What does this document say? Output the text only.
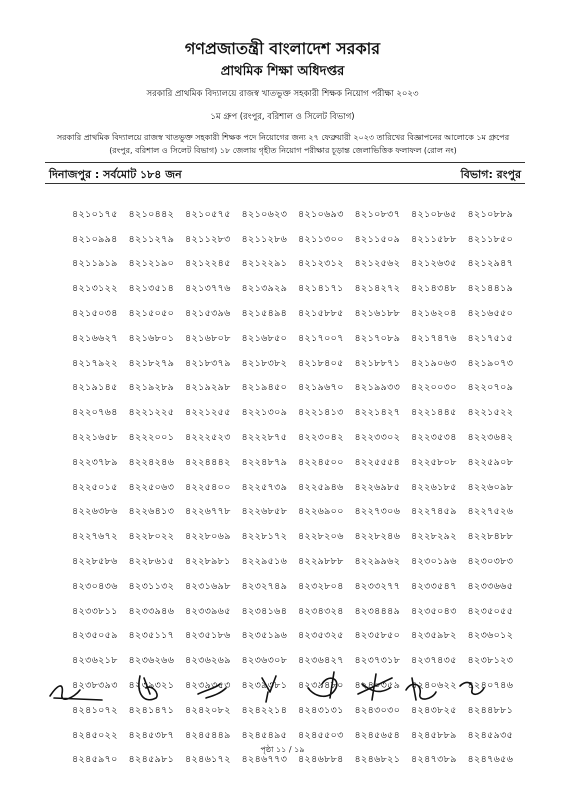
গণপ্রজাতন্ত্রী বাংলাদেশ সরকার
প্রাথমিক শিক্ষা অধিদপ্তর
সরকারি প্রাথমিক বিদ্যালয়ে রাজস্ব খাতভুক্ত সহকারী শিক্ষক নিয়োগ পরীক্ষা ২০২৩
১ম গ্রুপ (রংপুর, বরিশাল ও সিলেট বিভাগ)
সরকারি প্রাথমিক বিদ্যালয়ে রাজস্ব খাতভুক্ত সহকারী শিক্ষক পদে নিয়োগের জন্য ২৭ ফেব্রুয়ারী ২০২৩ তারিখের বিজ্ঞাপনের আলোকে ১ম গ্রুপের (রংপুর, বরিশাল ও সিলেট বিভাগ) ১৮ জেলায় গৃহীত নিয়োগ পরীক্ষার চূড়ান্ত জেলাভিত্তিক ফলাফল (রোল নং)
দিনাজপুর : সর্বমোট ১৮৪ জন	বিভাগ: রংপুর
৪২১০১৭৫	৪২১০৪৪২	৪২১০৫৭৫	৪২১০৬২৩	৪২১০৬৯৩	৪২১০৮৩৭	৪২১০৮৬৫	৪২১০৮৮৯
৪২১০৯৯৪	৪২১১২৭৯	৪২১১২৮৩	৪২১১২৮৬	৪২১১৩০০	৪২১১৫০৯	৪২১১৫৮৮	৪২১১৮৫০
৪২১১৯১৯	৪২১২১৯০	৪২১২২৪৫	৪২১২২৯১	৪২১২৩১২	৪২১২৫৬২	৪২১২৬৩৫	৪২১২৯৪৭
৪২১৩১২২	৪২১৩৫১৪	৪২১৩৭৭৬	৪২১৩৯২৯	৪২১৪১৭১	৪২১৪২৭২	৪২১৪৩৪৮	৪২১৪৪১৯
৪২১৫০৩৪	৪২১৫০৫০	৪২১৫৩৯৬	৪২১৫৪৯৪	৪২১৫৮৮৫	৪২১৬১৮৮	৪২১৬২০৪	৪২১৬৫৫০
৪২১৬৬২৭	৪২১৬৮০১	৪২১৬৮০৮	৪২১৬৮৫০	৪২১৭০০৭	৪২১৭০৮৯	৪২১৭৪৭৬	৪২১৭৫১৫
৪২১৭৯২২	৪২১৮২৭৯	৪২১৮৩৭৯	৪২১৮৩৮২	৪২১৮৪০৫	৪২১৮৮৭১	৪২১৯০৬৩	৪২১৯০৭৩
৪২১৯১৪৫	৪২১৯২৮৯	৪২১৯২৯৮	৪২১৯৪৫০	৪২১৯৬৭০	৪২১৯৯৩৩	৪২২০০৩০	৪২২০৭০৯
৪২২০৭৬৪	৪২২১২২৫	৪২২১২৫৫	৪২২১৩০৯	৪২২১৪১৩	৪২২১৪২৭	৪২২১৪৪৫	৪২২১৫২২
৪২২১৬৫৮	৪২২২০০১	৪২২২৫২৩	৪২২২৮৭৫	৪২২৩০৪২	৪২২৩৩০২	৪২২৩৫৩৪	৪২২৩৬৪২
৪২২৩৭৮৯	৪২২৪২৪৬	৪২২৪৪৪২	৪২২৪৮৭৯	৪২২৪৫০০	৪২২৫৫৫৪	৪২২৫৮০৮	৪২২৫৯০৮
৪২২৫০১৫	৪২২৫০৬৩	৪২২৫৪০০	৪২২৫৭৩৯	৪২২৫৯৪৬	৪২২৬৯৮৫	৪২২৬১৮৫	৪২২৬০৯৮
৪২২৬৩৮৬	৪২২৬৪১৩	৪২২৬৭৭৮	৪২২৬৮৫৮	৪২২৬৯০০	৪২২৭৩০৬	৪২২৭৪৫৯	৪২২৭৫২৬
৪২২৭৬৭২	৪২২৮০২২	৪২২৮০৬৯	৪২২৮১৭২	৪২২৮২০৬	৪২২৮২৪৬	৪২২৮২৯২	৪২২৮৪৮৮
৪২২৮৫৮৬	৪২২৮৬১৫	৪২২৮৯৮১	৪২২৯৫১৬	৪২২৯৮৮৮	৪২২৯৯৬২	৪২৩০১৯৬	৪২৩০৩৮৩
৪২৩০৪৩৬	৪২৩১১৩২	৪২৩১৬৯৮	৪২৩২৭৪৯	৪২৩২৮০৪	৪২৩৩২৭৭	৪২৩৩৫৪৭	৪২৩৩৬৬৫
৪২৩৩৮১১	৪২৩৩৯৪৬	৪২৩৩৯৬৫	৪২৩৪১৬৪	৪২৩৪৩২৪	৪২৩৪৪৪৯	৪২৩৫০৪৩	৪২৩৫০৫৫
৪২৩৫০৫৯	৪২৩৫১১৭	৪২৩৫১৮৬	৪২৩৫১৯৬	৪২৩৫৩২৫	৪২৩৫৮৫০	৪২৩৫৯৮২	৪২৩৬০১২
৪২৩৬২১৮	৪২৩৬২৬৬	৪২৩৬২৬৯	৪২৩৬৩০৮	৪২৩৬৪২৭	৪২৩৭৩১৮	৪২৩৭৪৩৫	৪২৩৮১২৩
৪২৩৮৩৯৩	৪২৩৯৩২১	৪২৩৯৩৫৩	৪২৩৯৩৮১	৪২৩৯৪৮০	৪২৪০৩৫৯	৪২৪০৬২২	৪২৪০৭৪৬
৪২৪১০৭২	৪২৪১৪৭১	৪২৪২০৮২	৪২৪২২১৪	৪২৪৩১৩১	৪২৪৩০৩০	৪২৪৩৮২৫	৪২৪৪৮৮১
৪২৪৫০২২	৪২৪৫৩৮৭	৪২৪৫৪৪৯	৪২৪৫৪৯৫	৪২৪৫৫০৩	৪২৪৫৬৫৪	৪২৪৫৮৮৯	৪২৪৫৯৩৫
৪২৪৫৯৭০	৪২৪৫৯৮১	৪২৪৬১৭২	৪২৪৬৭৭৩	৪২৪৬৮৮৪	৪২৪৬৮২১	৪২৪৭৩৮৯	৪২৪৭৬৫৬
পৃষ্ঠা ১১ / ১৯
